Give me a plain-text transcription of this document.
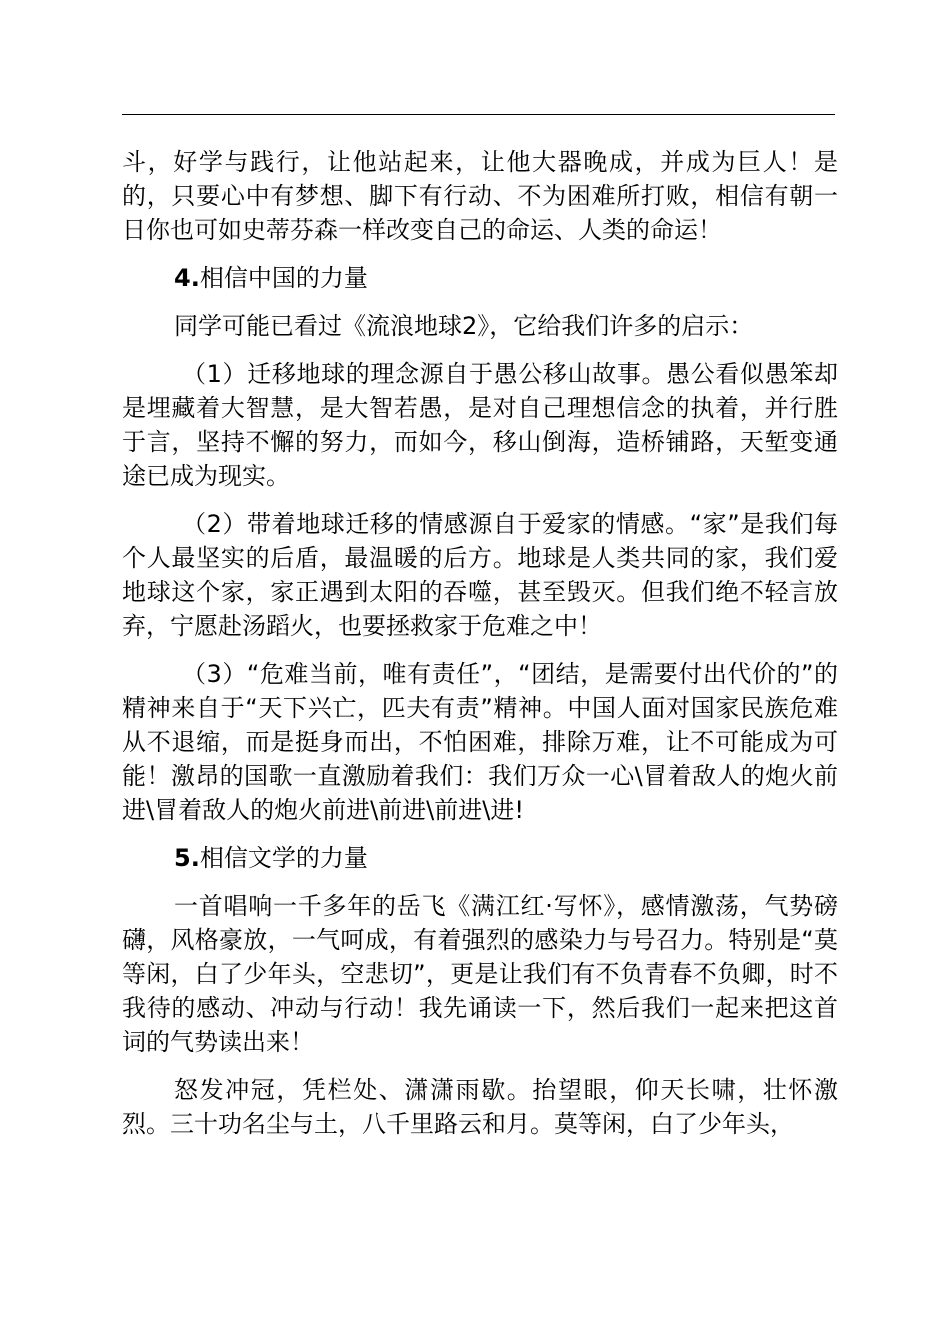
斗，好学与践行，让他站起来，让他大器晚成，并成为巨人！是的，只要心中有梦想、脚下有行动、不为困难所打败，相信有朝一日你也可如史蒂芬森一样改变自己的命运、人类的命运！

4.相信中国的力量

同学可能已看过《流浪地球2》，它给我们许多的启示：

（1）迁移地球的理念源自于愚公移山故事。愚公看似愚笨却是埋藏着大智慧，是大智若愚，是对自己理想信念的执着，并行胜于言，坚持不懈的努力，而如今，移山倒海，造桥铺路，天堑变通途已成为现实。

（2）带着地球迁移的情感源自于爱家的情感。“家”是我们每个人最坚实的后盾，最温暖的后方。地球是人类共同的家，我们爱地球这个家，家正遇到太阳的吞噬，甚至毁灭。但我们绝不轻言放弃，宁愿赴汤蹈火，也要拯救家于危难之中！

（3）“危难当前，唯有责任”，“团结，是需要付出代价的”的精神来自于“天下兴亡，匹夫有责”精神。中国人面对国家民族危难从不退缩，而是挺身而出，不怕困难，排除万难，让不可能成为可能！激昂的国歌一直激励着我们：我们万众一心\冒着敌人的炮火前进\冒着敌人的炮火前进\前进\前进\进!

5.相信文学的力量

一首唱响一千多年的岳飞《满江红·写怀》，感情激荡，气势磅礴，风格豪放，一气呵成，有着强烈的感染力与号召力。特别是“莫等闲，白了少年头，空悲切”，更是让我们有不负青春不负卿，时不我待的感动、冲动与行动！我先诵读一下，然后我们一起来把这首词的气势读出来！

怒发冲冠，凭栏处、潇潇雨歇。抬望眼，仰天长啸，壮怀激烈。三十功名尘与土，八千里路云和月。莫等闲，白了少年头，
